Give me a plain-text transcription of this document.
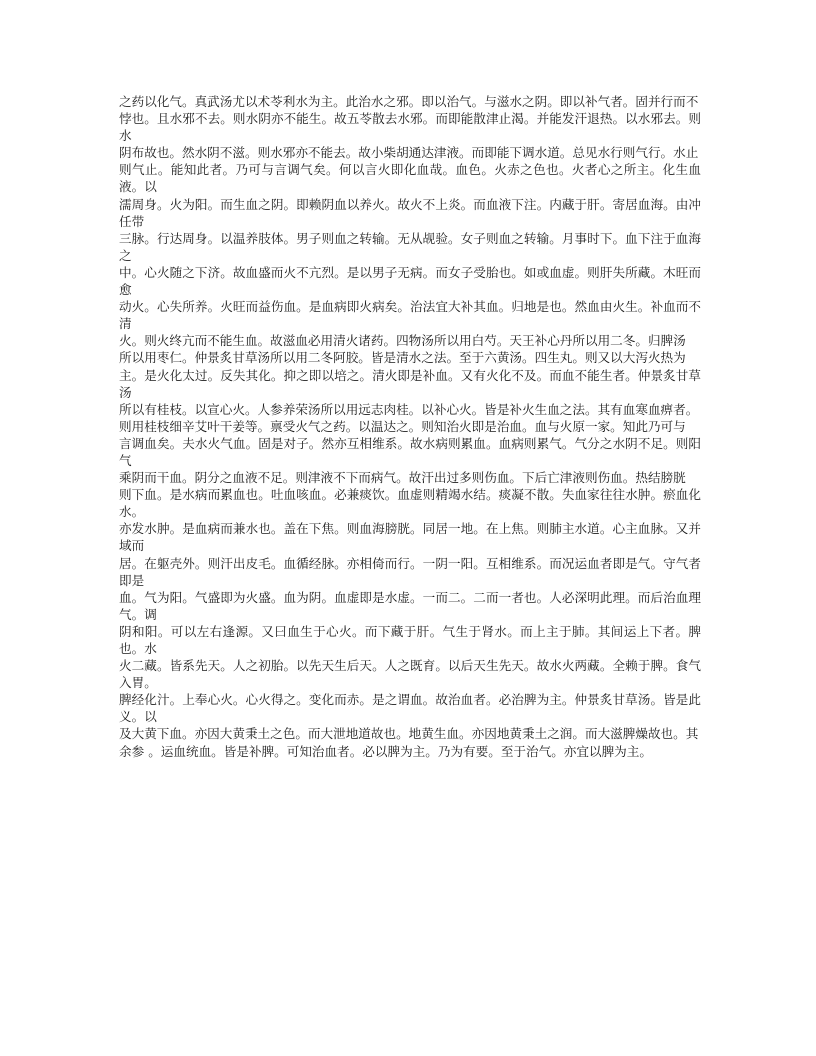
之药以化气。真武汤尤以术苓利水为主。此治水之邪。即以治气。与滋水之阴。即以补气者。固并行而不

悖也。且水邪不去。则水阴亦不能生。故五苓散去水邪。而即能散津止渴。并能发汗退热。以水邪去。则水

阴布故也。然水阴不滋。则水邪亦不能去。故小柴胡通达津液。而即能下调水道。总见水行则气行。水止

则气止。能知此者。乃可与言调气矣。何以言火即化血哉。血色。火赤之色也。火者心之所主。化生血液。以

濡周身。火为阳。而生血之阴。即赖阴血以养火。故火不上炎。而血液下注。内藏于肝。寄居血海。由冲任带

三脉。行达周身。以温养肢体。男子则血之转输。无从觇验。女子则血之转输。月事时下。血下注于血海之

中。心火随之下济。故血盛而火不亢烈。是以男子无病。而女子受胎也。如或血虚。则肝失所藏。木旺而愈

动火。心失所养。火旺而益伤血。是血病即火病矣。治法宜大补其血。归地是也。然血由火生。补血而不清

火。则火终亢而不能生血。故滋血必用清火诸药。四物汤所以用白芍。天王补心丹所以用二冬。归脾汤

所以用枣仁。仲景炙甘草汤所以用二冬阿胶。皆是清水之法。至于六黄汤。四生丸。则又以大泻火热为

主。是火化太过。反失其化。抑之即以培之。清火即是补血。又有火化不及。而血不能生者。仲景炙甘草汤

所以有桂枝。以宣心火。人参养荣汤所以用远志肉桂。以补心火。皆是补火生血之法。其有血寒血痹者。

则用桂枝细辛艾叶干姜等。禀受火气之药。以温达之。则知治火即是治血。血与火原一家。知此乃可与

言调血矣。夫水火气血。固是对子。然亦互相维系。故水病则累血。血病则累气。气分之水阴不足。则阳气

乘阴而干血。阴分之血液不足。则津液不下而病气。故汗出过多则伤血。下后亡津液则伤血。热结膀胱

则下血。是水病而累血也。吐血咳血。必兼痰饮。血虚则精竭水结。痰凝不散。失血家往往水肿。瘀血化水。

亦发水肿。是血病而兼水也。盖在下焦。则血海膀胱。同居一地。在上焦。则肺主水道。心主血脉。又并域而

居。在躯壳外。则汗出皮毛。血循经脉。亦相倚而行。一阴一阳。互相维系。而况运血者即是气。守气者即是

血。气为阳。气盛即为火盛。血为阴。血虚即是水虚。一而二。二而一者也。人必深明此理。而后治血理气。调

阴和阳。可以左右逢源。又曰血生于心火。而下藏于肝。气生于肾水。而上主于肺。其间运上下者。脾也。水

火二藏。皆系先天。人之初胎。以先天生后天。人之既育。以后天生先天。故水火两藏。全赖于脾。食气入胃。

脾经化汁。上奉心火。心火得之。变化而赤。是之谓血。故治血者。必治脾为主。仲景炙甘草汤。皆是此义。以

及大黄下血。亦因大黄秉土之色。而大泄地道故也。地黄生血。亦因地黄秉土之润。而大滋脾燥故也。其

余参 。运血统血。皆是补脾。可知治血者。必以脾为主。乃为有要。至于治气。亦宜以脾为主。
